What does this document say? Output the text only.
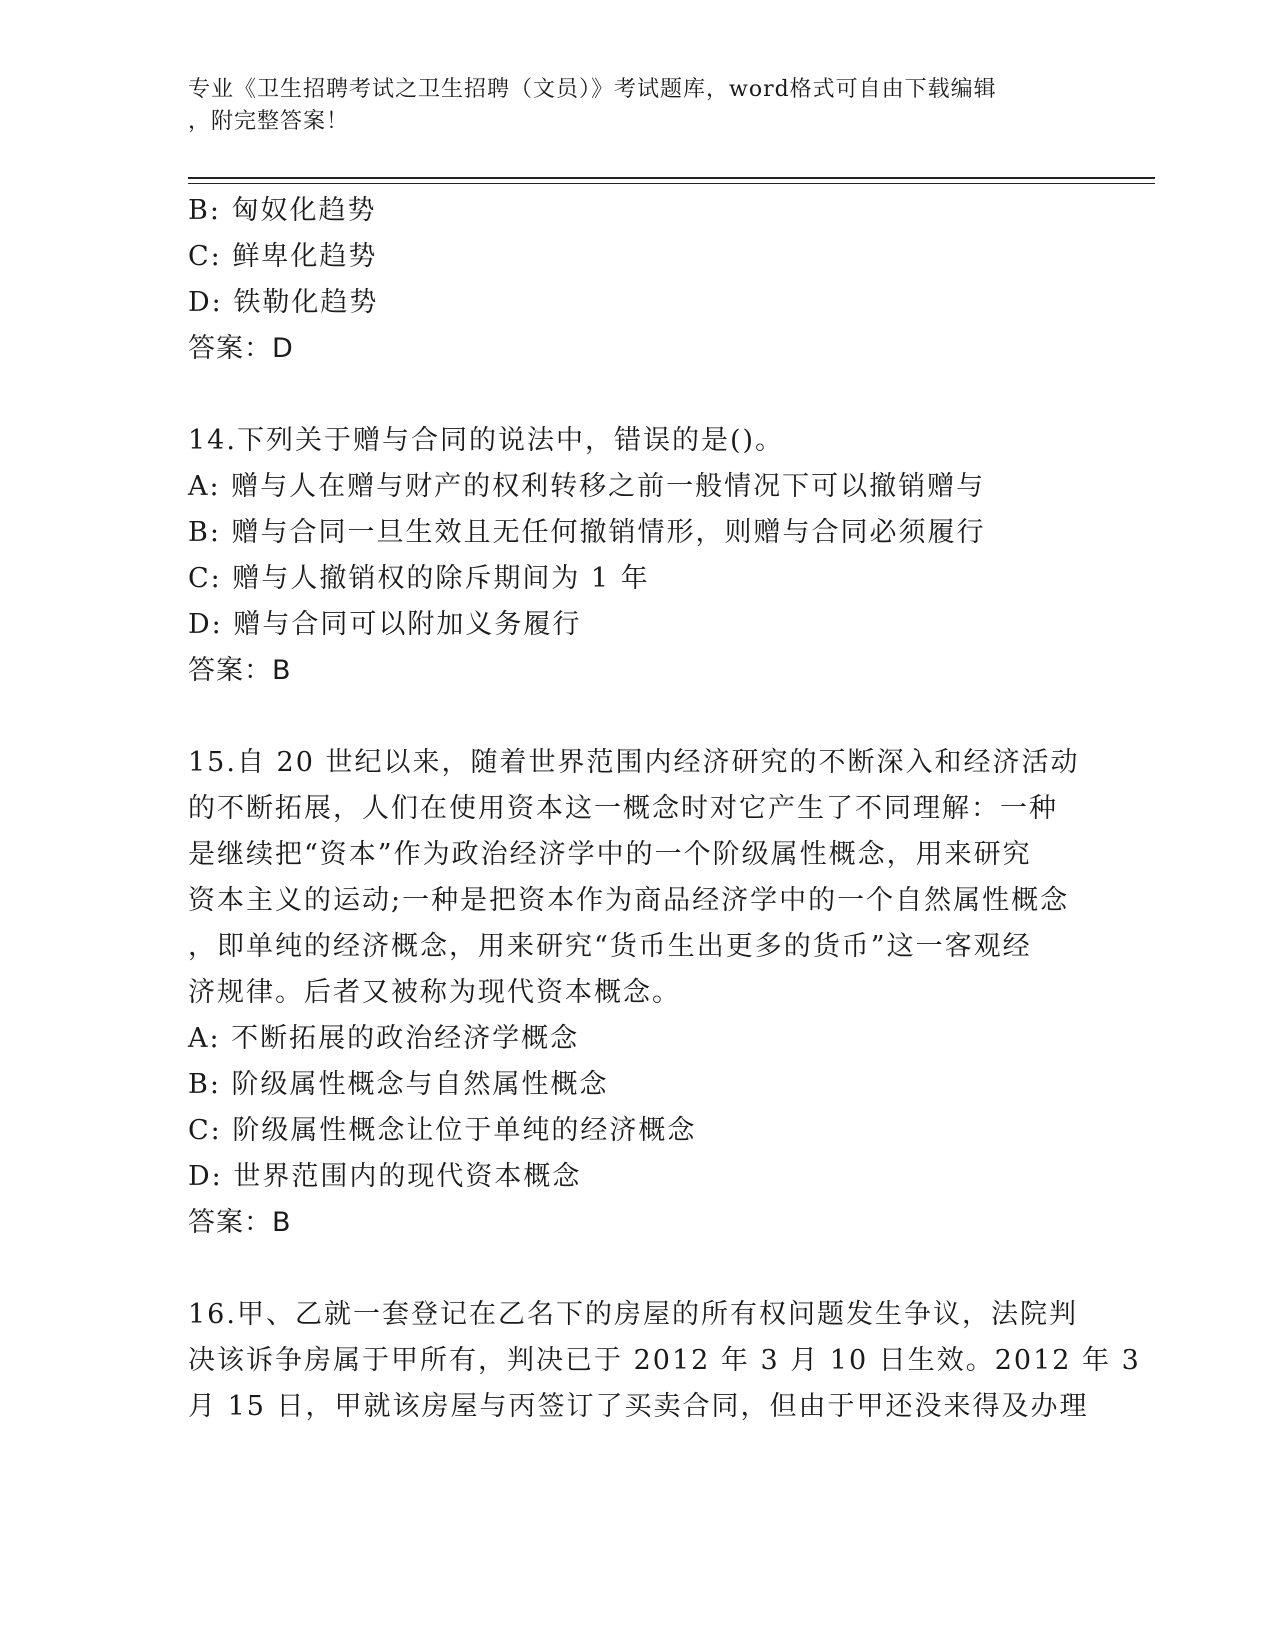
专业《卫生招聘考试之卫生招聘（文员）》考试题库，word格式可自由下载编辑
，附完整答案！
B: 匈奴化趋势
C: 鲜卑化趋势
D: 铁勒化趋势
答案：D
14.下列关于赠与合同的说法中，错误的是()。
A: 赠与人在赠与财产的权利转移之前一般情况下可以撤销赠与
B: 赠与合同一旦生效且无任何撤销情形，则赠与合同必须履行
C: 赠与人撤销权的除斥期间为 1 年
D: 赠与合同可以附加义务履行
答案：B
15.自 20 世纪以来，随着世界范围内经济研究的不断深入和经济活动
的不断拓展，人们在使用资本这一概念时对它产生了不同理解：一种
是继续把“资本”作为政治经济学中的一个阶级属性概念，用来研究
资本主义的运动;一种是把资本作为商品经济学中的一个自然属性概念
，即单纯的经济概念，用来研究“货币生出更多的货币”这一客观经
济规律。后者又被称为现代资本概念。
A: 不断拓展的政治经济学概念
B: 阶级属性概念与自然属性概念
C: 阶级属性概念让位于单纯的经济概念
D: 世界范围内的现代资本概念
答案：B
16.甲、乙就一套登记在乙名下的房屋的所有权问题发生争议，法院判
决该诉争房属于甲所有，判决已于 2012 年 3 月 10 日生效。2012 年 3
月 15 日，甲就该房屋与丙签订了买卖合同，但由于甲还没来得及办理
